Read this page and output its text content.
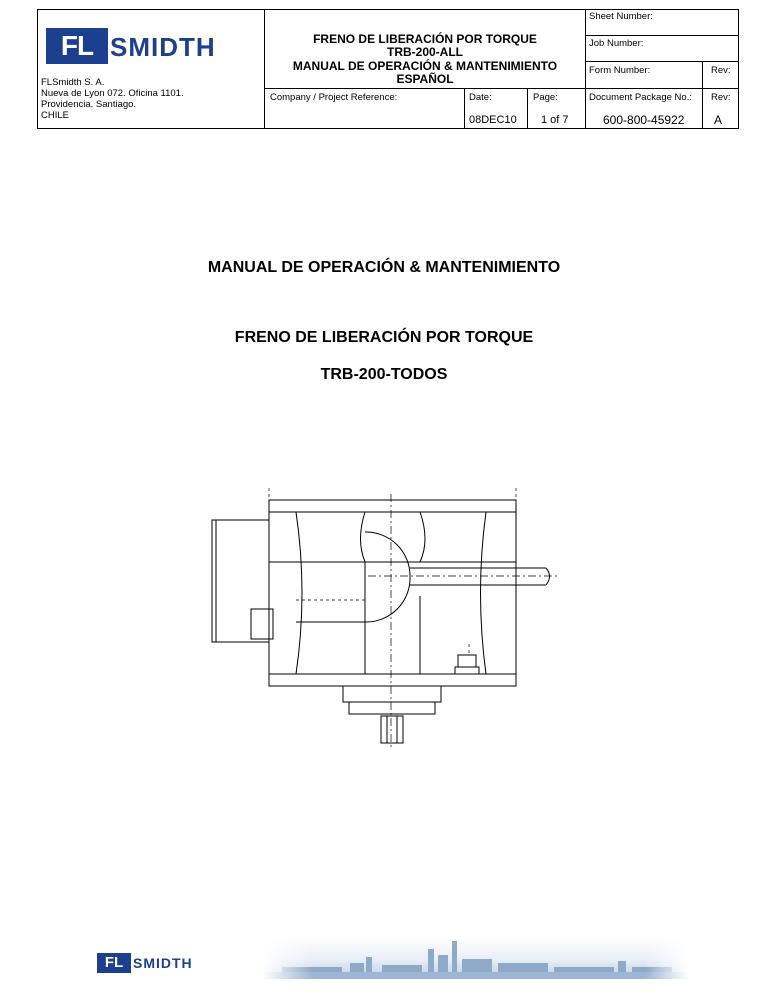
FL SMIDTH
FLSmidth S. A.
Nueva de Lyon 072. Oficina 1101.
Providencia. Santiago.
CHILE
FRENO DE LIBERACIÓN POR TORQUE
TRB-200-ALL
MANUAL DE OPERACIÓN & MANTENIMIENTO
ESPAÑOL
Sheet Number:
Job Number:
Form Number:	Rev:
Company / Project Reference:	Date:
08DEC10
Page:
1 of 7
Document Package No.:
600-800-45922
Rev:
A
MANUAL DE OPERACIÓN & MANTENIMIENTO
FRENO DE LIBERACIÓN POR TORQUE
TRB-200-TODOS
FL SMIDTH
